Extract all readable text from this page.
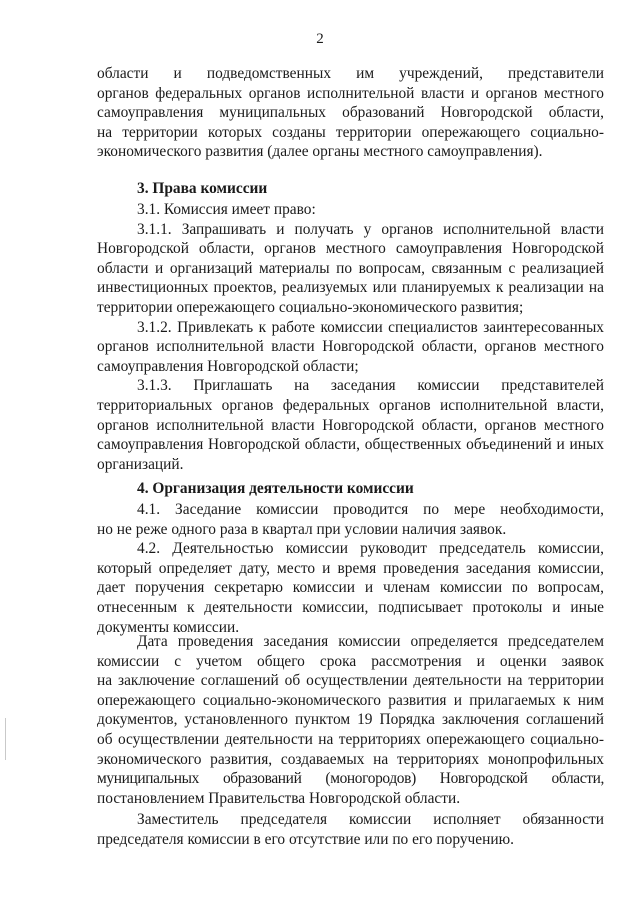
2
области и подведомственных им учреждений, представители
органов федеральных органов исполнительной власти и органов местного
самоуправления муниципальных образований Новгородской области,
на территории которых созданы территории опережающего социально-
экономического развития (далее органы местного самоуправления).
3. Права комиссии
3.1. Комиссия имеет право:
3.1.1. Запрашивать и получать у органов исполнительной власти
Новгородской области, органов местного самоуправления Новгородской
области и организаций материалы по вопросам, связанным с реализацией
инвестиционных проектов, реализуемых или планируемых к реализации на
территории опережающего социально-экономического развития;
3.1.2. Привлекать к работе комиссии специалистов заинтересованных
органов исполнительной власти Новгородской области, органов местного
самоуправления Новгородской области;
3.1.3. Приглашать на заседания комиссии представителей
территориальных органов федеральных органов исполнительной власти,
органов исполнительной власти Новгородской области, органов местного
самоуправления Новгородской области, общественных объединений и иных
организаций.
4. Организация деятельности комиссии
4.1. Заседание комиссии проводится по мере необходимости,
но не реже одного раза в квартал при условии наличия заявок.
4.2. Деятельностью комиссии руководит председатель комиссии,
который определяет дату, место и время проведения заседания комиссии,
дает поручения секретарю комиссии и членам комиссии по вопросам,
отнесенным к деятельности комиссии, подписывает протоколы и иные
документы комиссии.
Дата проведения заседания комиссии определяется председателем
комиссии с учетом общего срока рассмотрения и оценки заявок
на заключение соглашений об осуществлении деятельности на территории
опережающего социально-экономического развития и прилагаемых к ним
документов, установленного пунктом 19 Порядка заключения соглашений
об осуществлении деятельности на территориях опережающего социально-
экономического развития, создаваемых на территориях монопрофильных
муниципальных образований (моногородов) Новгородской области,
постановлением Правительства Новгородской области.
Заместитель председателя комиссии исполняет обязанности
председателя комиссии в его отсутствие или по его поручению.
